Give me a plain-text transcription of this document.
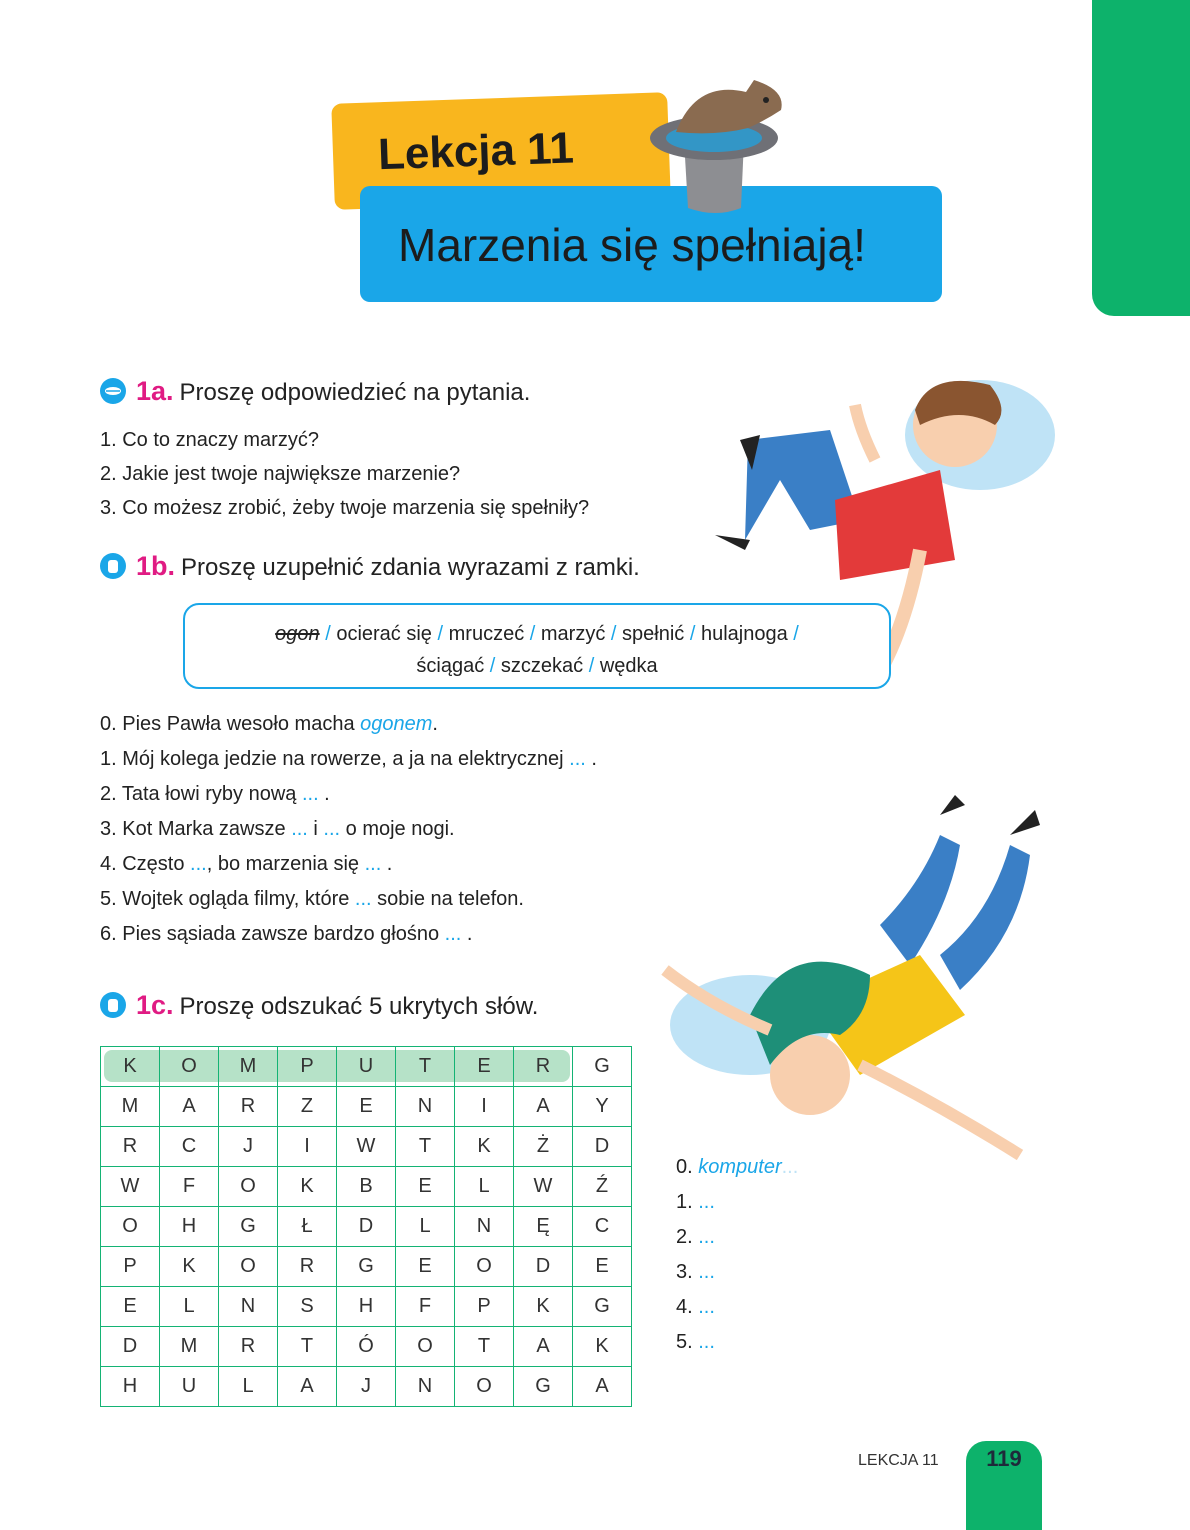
Lekcja 11
Marzenia się spełniają!
1a. Proszę odpowiedzieć na pytania.
1. Co to znaczy marzyć?
2. Jakie jest twoje największe marzenie?
3. Co możesz zrobić, żeby twoje marzenia się spełniły?
1b. Proszę uzupełnić zdania wyrazami z ramki.
ogon / ocierać się / mruczeć / marzyć / spełnić / hulajnoga /
ściągać / szczekać / wędka
0. Pies Pawła wesoło macha ogonem.
1. Mój kolega jedzie na rowerze, a ja na elektrycznej ... .
2. Tata łowi ryby nową ... .
3. Kot Marka zawsze ... i ... o moje nogi.
4. Często ..., bo marzenia się ... .
5. Wojtek ogląda filmy, które ... sobie na telefon.
6. Pies sąsiada zawsze bardzo głośno ... .
1c. Proszę odszukać 5 ukrytych słów.
K	O	M	P	U	T	E	R	G
M	A	R	Z	E	N	I	A	Y
R	C	J	I	W	T	K	Ż	D
W	F	O	K	B	E	L	W	Ź
O	H	G	Ł	D	L	N	Ę	C
P	K	O	R	G	E	O	D	E
E	L	N	S	H	F	P	K	G
D	M	R	T	Ó	O	T	A	K
H	U	L	A	J	N	O	G	A
0. komputer...
1. ...
2. ...
3. ...
4. ...
5. ...
LEKCJA 11	119
